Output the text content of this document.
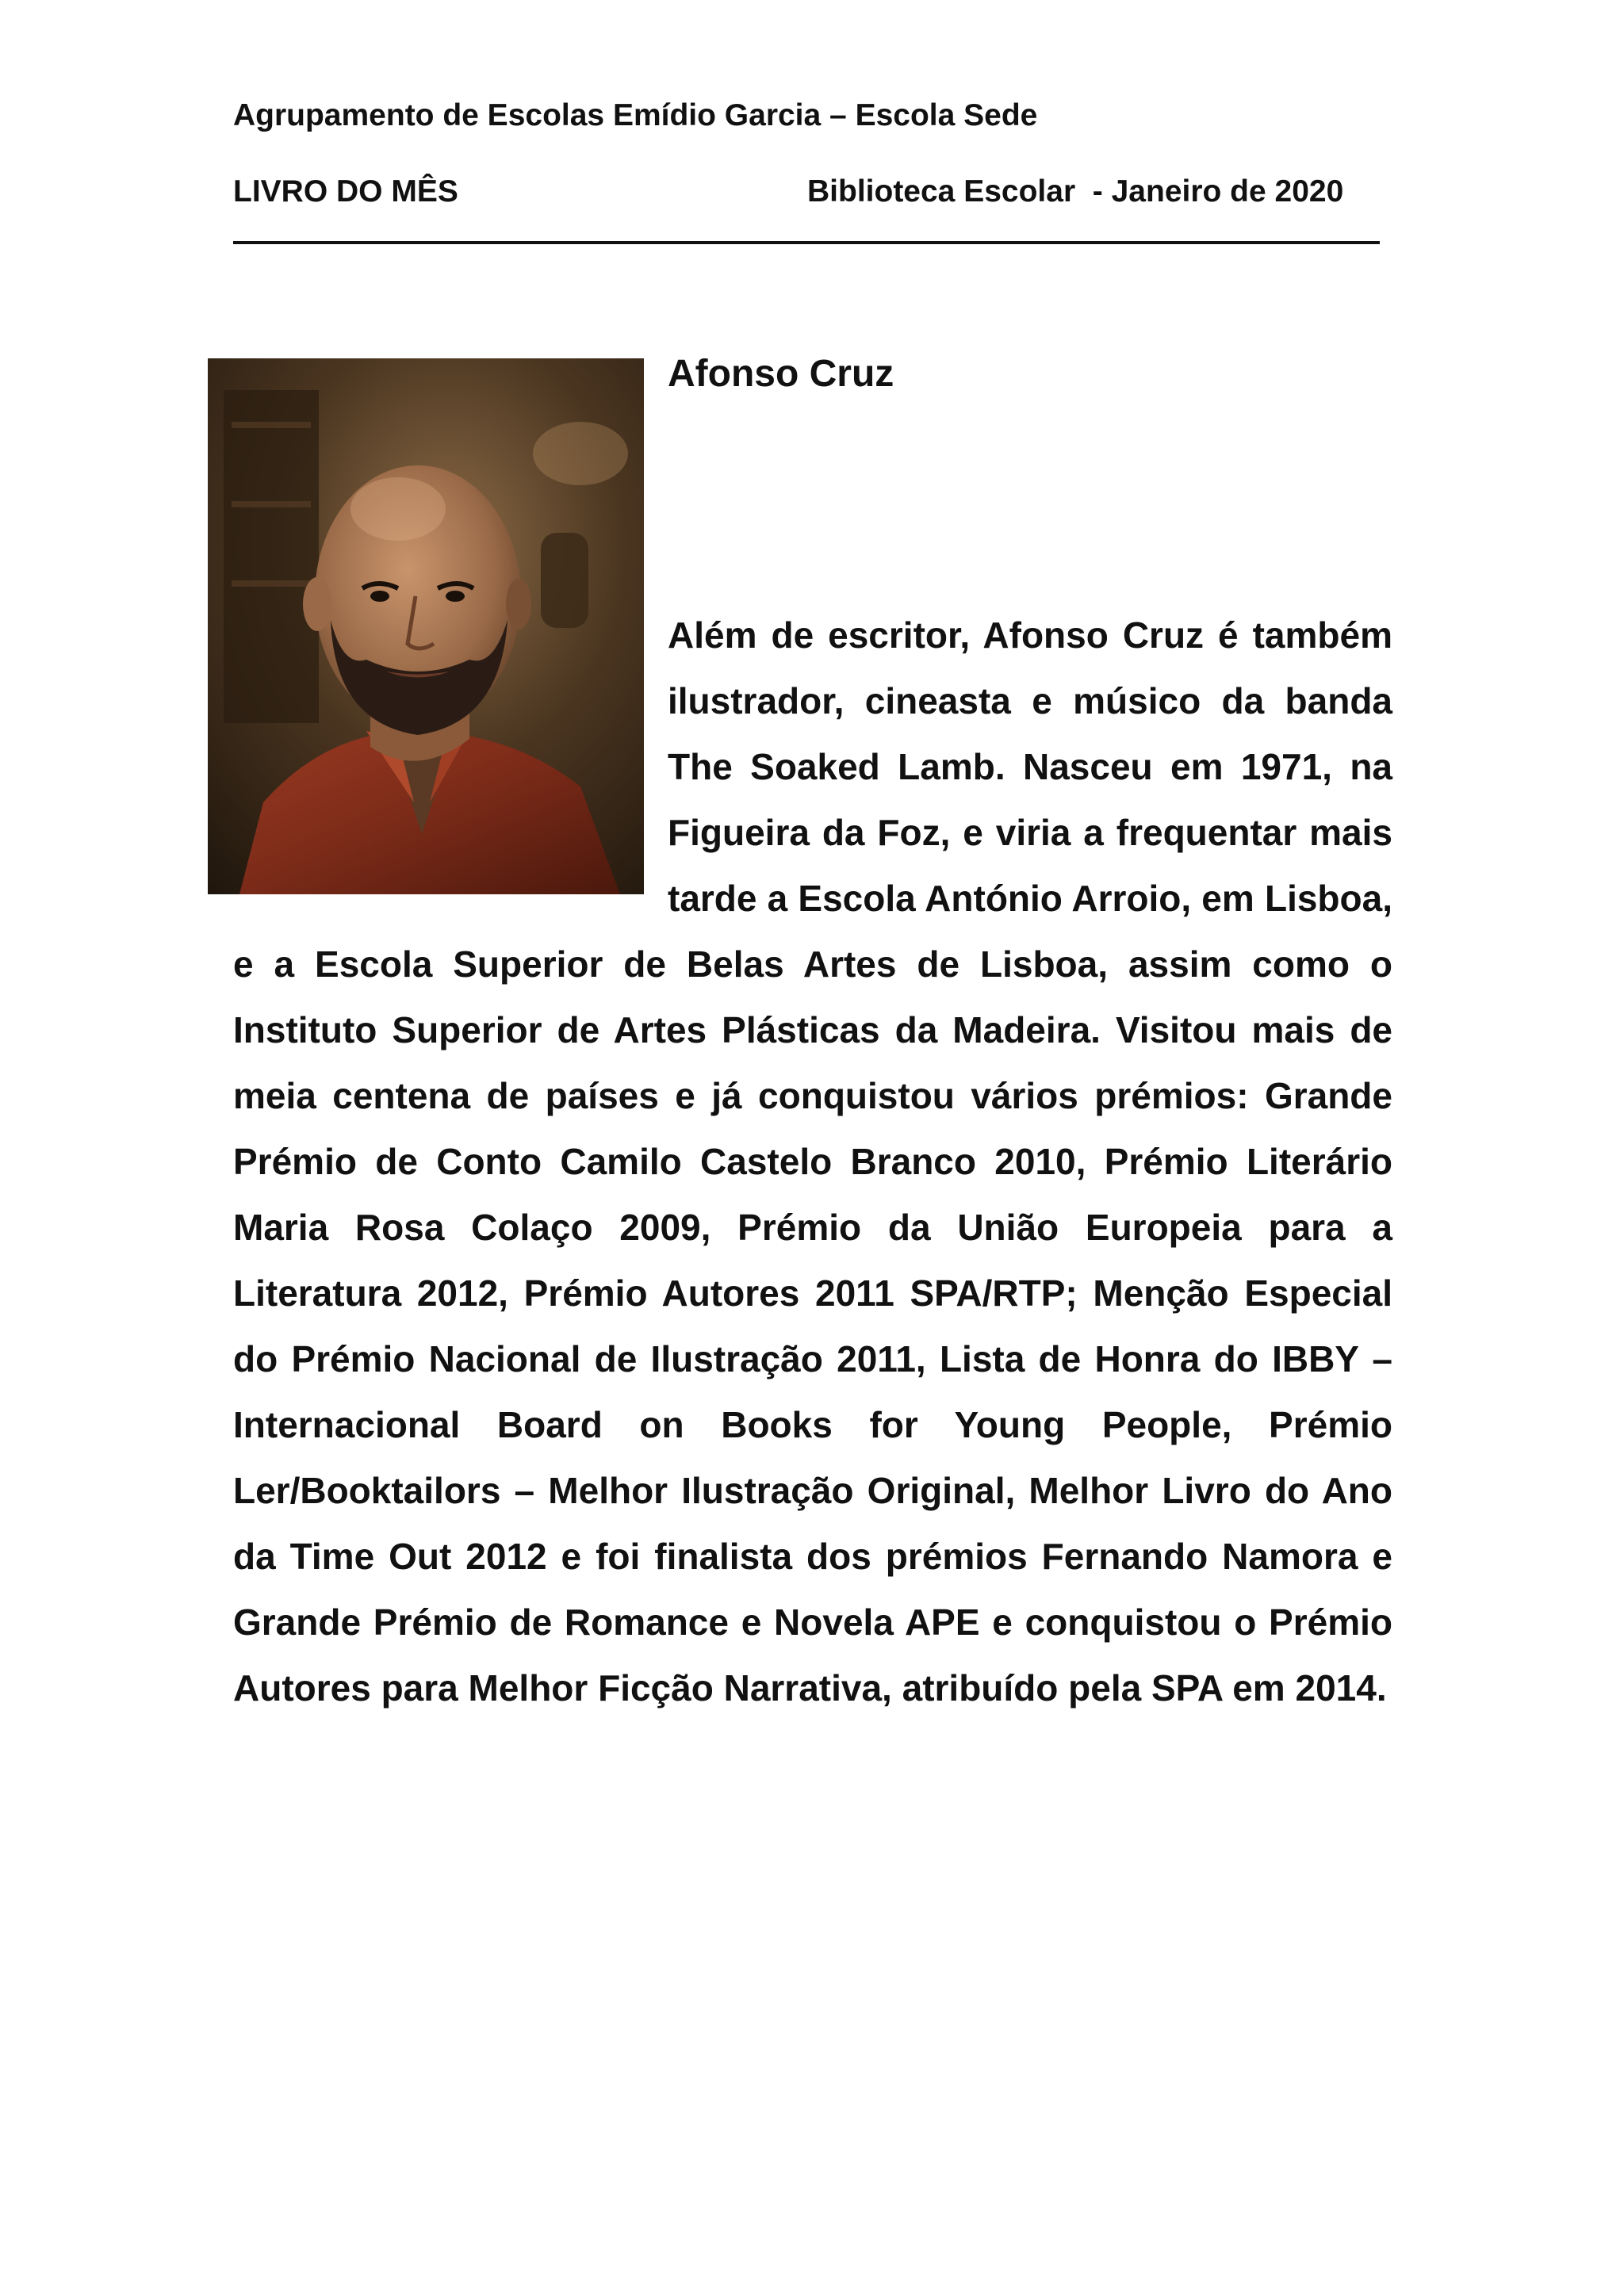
Agrupamento de Escolas Emídio Garcia – Escola Sede
LIVRO DO MÊS	Biblioteca Escolar  - Janeiro de 2020
Afonso Cruz

Além de escritor, Afonso Cruz é também ilustrador, cineasta e músico da banda The Soaked Lamb. Nasceu em 1971, na Figueira da Foz, e viria a frequentar mais tarde a Escola António Arroio, em Lisboa, e a Escola Superior de Belas Artes de Lisboa, assim como o Instituto Superior de Artes Plásticas da Madeira. Visitou mais de meia centena de países e já conquistou vários prémios: Grande Prémio de Conto Camilo Castelo Branco 2010, Prémio Literário Maria Rosa Colaço 2009, Prémio da União Europeia para a Literatura 2012, Prémio Autores 2011 SPA/RTP; Menção Especial do Prémio Nacional de Ilustração 2011, Lista de Honra do IBBY – Internacional Board on Books for Young People, Prémio Ler/Booktailors – Melhor Ilustração Original, Melhor Livro do Ano da Time Out 2012 e foi finalista dos prémios Fernando Namora e Grande Prémio de Romance e Novela APE e conquistou o Prémio Autores para Melhor Ficção Narrativa, atribuído pela SPA em 2014.
